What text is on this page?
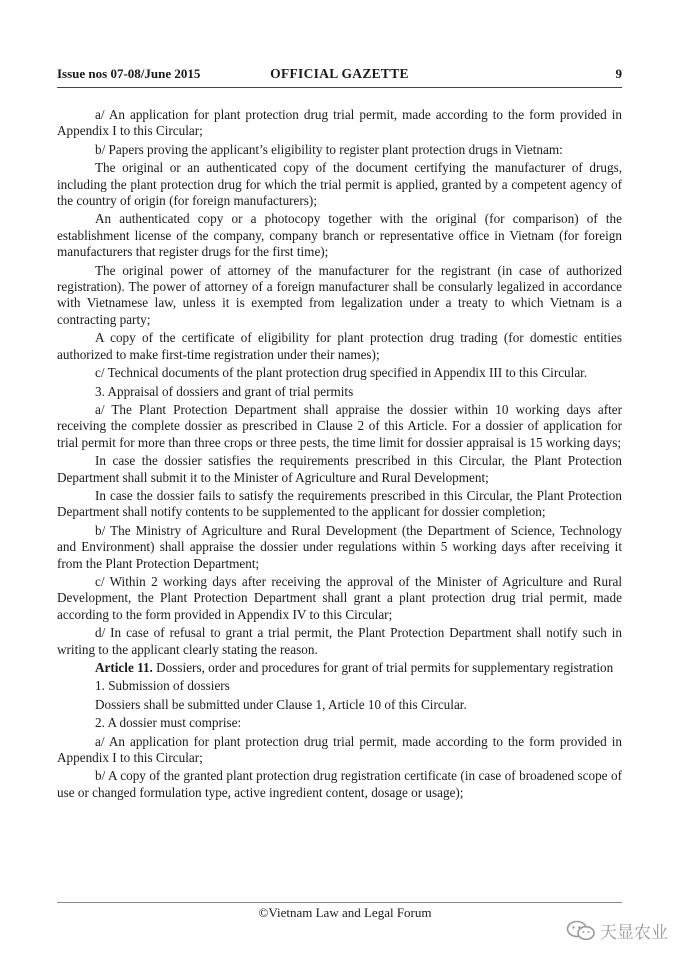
Issue nos 07-08/June 2015	OFFICIAL GAZETTE	9

a/ An application for plant protection drug trial permit, made according to the form provided in Appendix I to this Circular;

b/ Papers proving the applicant’s eligibility to register plant protection drugs in Vietnam:

The original or an authenticated copy of the document certifying the manufacturer of drugs, including the plant protection drug for which the trial permit is applied, granted by a competent agency of the country of origin (for foreign manufacturers);

An authenticated copy or a photocopy together with the original (for comparison) of the establishment license of the company, company branch or representative office in Vietnam (for foreign manufacturers that register drugs for the first time);

The original power of attorney of the manufacturer for the registrant (in case of authorized registration). The power of attorney of a foreign manufacturer shall be consularly legalized in accordance with Vietnamese law, unless it is exempted from legalization under a treaty to which Vietnam is a contracting party;

A copy of the certificate of eligibility for plant protection drug trading (for domestic entities authorized to make first-time registration under their names);

c/ Technical documents of the plant protection drug specified in Appendix III to this Circular.

3. Appraisal of dossiers and grant of trial permits

a/ The Plant Protection Department shall appraise the dossier within 10 working days after receiving the complete dossier as prescribed in Clause 2 of this Article. For a dossier of application for trial permit for more than three crops or three pests, the time limit for dossier appraisal is 15 working days;

In case the dossier satisfies the requirements prescribed in this Circular, the Plant Protection Department shall submit it to the Minister of Agriculture and Rural Development;

In case the dossier fails to satisfy the requirements prescribed in this Circular, the Plant Protection Department shall notify contents to be supplemented to the applicant for dossier completion;

b/ The Ministry of Agriculture and Rural Development (the Department of Science, Technology and Environment) shall appraise the dossier under regulations within 5 working days after receiving it from the Plant Protection Department;

c/ Within 2 working days after receiving the approval of the Minister of Agriculture and Rural Development, the Plant Protection Department shall grant a plant protection drug trial permit, made according to the form provided in Appendix IV to this Circular;

d/ In case of refusal to grant a trial permit, the Plant Protection Department shall notify such in writing to the applicant clearly stating the reason.

Article 11. Dossiers, order and procedures for grant of trial permits for supplementary registration

1. Submission of dossiers

Dossiers shall be submitted under Clause 1, Article 10 of this Circular.

2. A dossier must comprise:

a/ An application for plant protection drug trial permit, made according to the form provided in Appendix I to this Circular;

b/ A copy of the granted plant protection drug registration certificate (in case of broadened scope of use or changed formulation type, active ingredient content, dosage or usage);

©Vietnam Law and Legal Forum
天显农业
